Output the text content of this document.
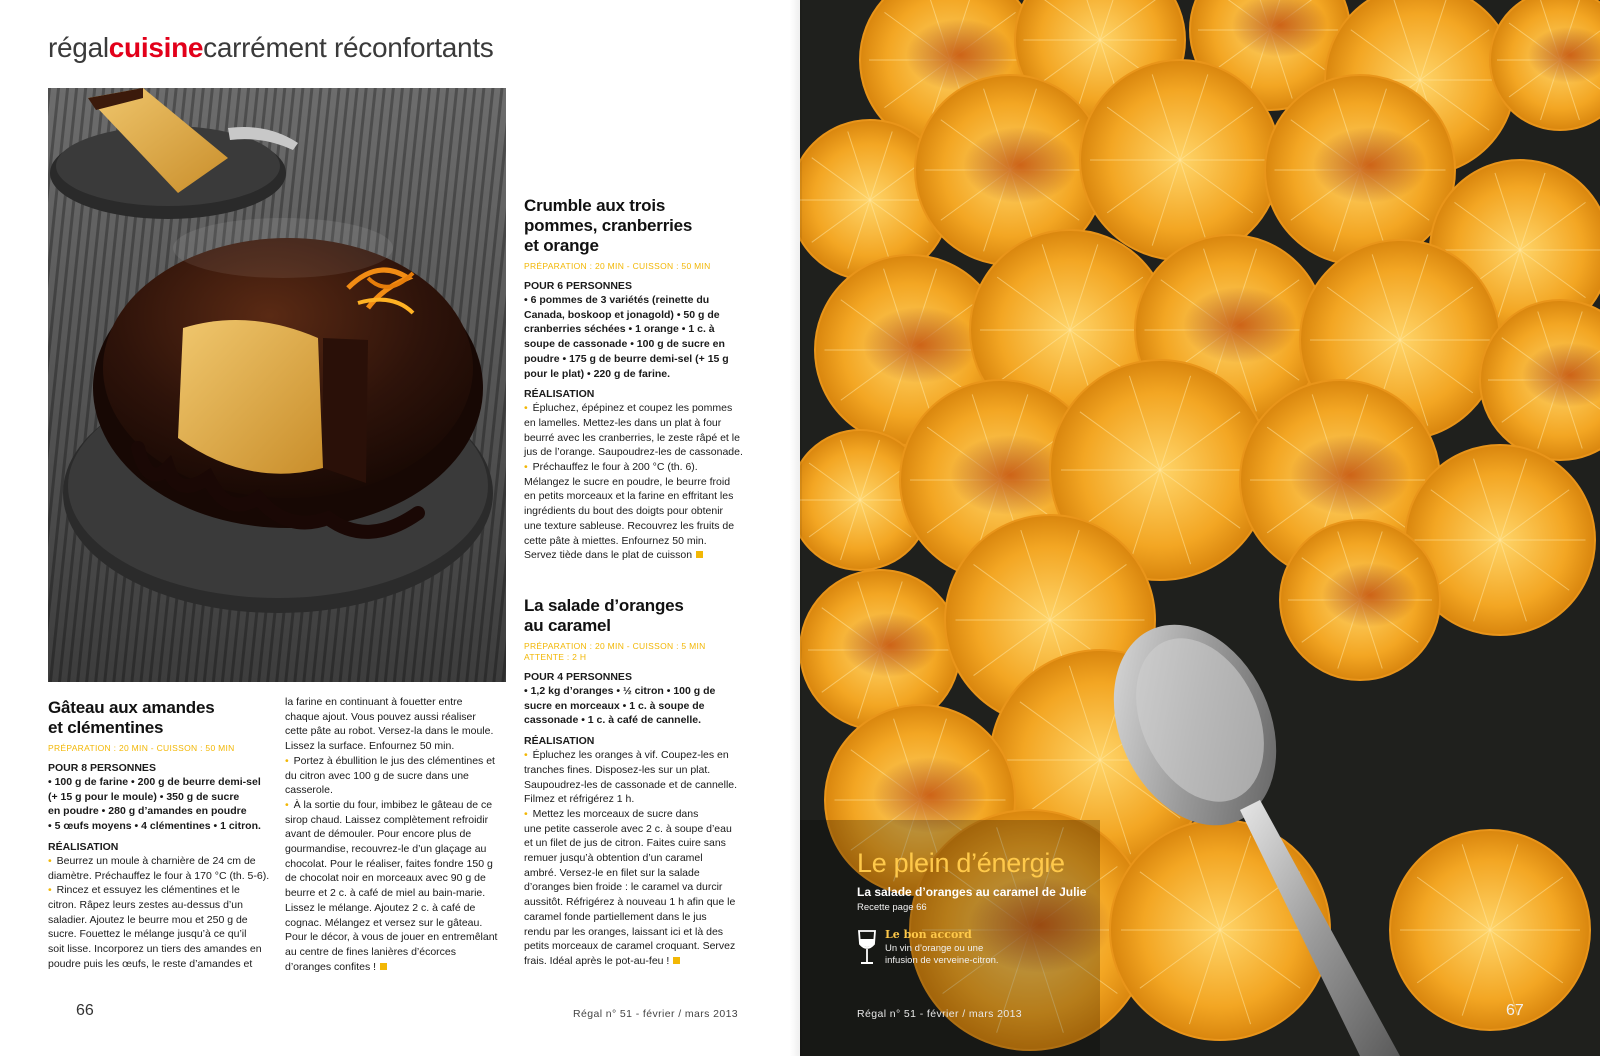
régalcuisinecarrément réconfortants
Gâteau aux amandes
et clémentines
PRÉPARATION : 20 MIN - CUISSON : 50 MIN
POUR 8 PERSONNES
• 100 g de farine • 200 g de beurre demi-sel
(+ 15 g pour le moule) • 350 g de sucre
en poudre • 280 g d’amandes en poudre
• 5 œufs moyens • 4 clémentines • 1 citron.
RÉALISATION
• Beurrez un moule à charnière de 24 cm de
diamètre. Préchauffez le four à 170 °C (th. 5-6).
• Rincez et essuyez les clémentines et le
citron. Râpez leurs zestes au-dessus d’un
saladier. Ajoutez le beurre mou et 250 g de
sucre. Fouettez le mélange jusqu’à ce qu’il
soit lisse. Incorporez un tiers des amandes en
poudre puis les œufs, le reste d’amandes et
la farine en continuant à fouetter entre
chaque ajout. Vous pouvez aussi réaliser
cette pâte au robot. Versez-la dans le moule.
Lissez la surface. Enfournez 50 min.
• Portez à ébullition le jus des clémentines et
du citron avec 100 g de sucre dans une
casserole.
• À la sortie du four, imbibez le gâteau de ce
sirop chaud. Laissez complètement refroidir
avant de démouler. Pour encore plus de
gourmandise, recouvrez-le d’un glaçage au
chocolat. Pour le réaliser, faites fondre 150 g
de chocolat noir en morceaux avec 90 g de
beurre et 2 c. à café de miel au bain-marie.
Lissez le mélange. Ajoutez 2 c. à café de
cognac. Mélangez et versez sur le gâteau.
Pour le décor, à vous de jouer en entremêlant
au centre de fines lanières d’écorces
d’oranges confites !
Crumble aux trois
pommes, cranberries
et orange
PRÉPARATION : 20 MIN - CUISSON : 50 MIN
POUR 6 PERSONNES
• 6 pommes de 3 variétés (reinette du
Canada, boskoop et jonagold) • 50 g de
cranberries séchées • 1 orange • 1 c. à
soupe de cassonade • 100 g de sucre en
poudre • 175 g de beurre demi-sel (+ 15 g
pour le plat) • 220 g de farine.
RÉALISATION
• Épluchez, épépinez et coupez les pommes
en lamelles. Mettez-les dans un plat à four
beurré avec les cranberries, le zeste râpé et le
jus de l’orange. Saupoudrez-les de cassonade.
• Préchauffez le four à 200 °C (th. 6).
Mélangez le sucre en poudre, le beurre froid
en petits morceaux et la farine en effritant les
ingrédients du bout des doigts pour obtenir
une texture sableuse. Recouvrez les fruits de
cette pâte à miettes. Enfournez 50 min.
Servez tiède dans le plat de cuisson
La salade d’oranges
au caramel
PRÉPARATION : 20 MIN - CUISSON : 5 MIN
ATTENTE : 2 H
POUR 4 PERSONNES
• 1,2 kg d’oranges • ½ citron • 100 g de
sucre en morceaux • 1 c. à soupe de
cassonade • 1 c. à café de cannelle.
RÉALISATION
• Épluchez les oranges à vif. Coupez-les en
tranches fines. Disposez-les sur un plat.
Saupoudrez-les de cassonade et de cannelle.
Filmez et réfrigérez 1 h.
• Mettez les morceaux de sucre dans
une petite casserole avec 2 c. à soupe d’eau
et un filet de jus de citron. Faites cuire sans
remuer jusqu’à obtention d’un caramel
ambré. Versez-le en filet sur la salade
d’oranges bien froide : le caramel va durcir
aussitôt. Réfrigérez à nouveau 1 h afin que le
caramel fonde partiellement dans le jus
rendu par les oranges, laissant ici et là des
petits morceaux de caramel croquant. Servez
frais. Idéal après le pot-au-feu !
66	Régal n° 51 - février / mars 2013
Le plein d’énergie
La salade d’oranges au caramel de Julie
Recette page 66
Le bon accord
Un vin d’orange ou une
infusion de verveine-citron.
Régal n° 51 - février / mars 2013	67
